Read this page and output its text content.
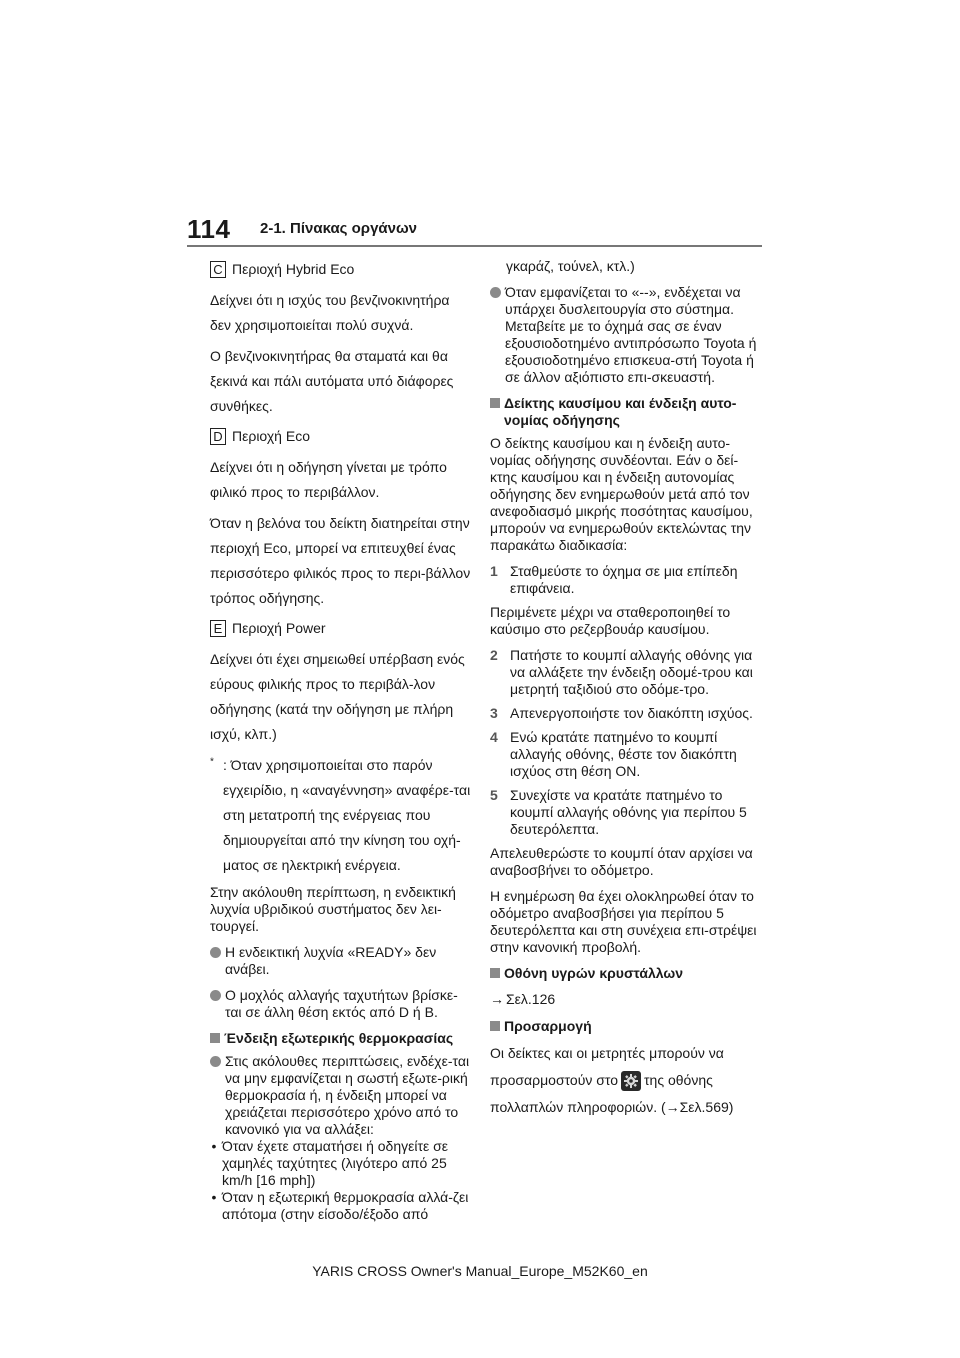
114 2-1. Πίνακας οργάνων
C Περιοχή Hybrid Eco

Δείχνει ότι η ισχύς του βενζινοκινητήρα δεν χρησιμοποιείται πολύ συχνά.

Ο βενζινοκινητήρας θα σταματά και θα ξεκινά και πάλι αυτόματα υπό διάφορες συνθήκες.

D Περιοχή Eco

Δείχνει ότι η οδήγηση γίνεται με τρόπο φιλικό προς το περιβάλλον.

Όταν η βελόνα του δείκτη διατηρείται στην περιοχή Eco, μπορεί να επιτευχθεί ένας περισσότερο φιλικός προς το περι-βάλλον τρόπος οδήγησης.

E Περιοχή Power

Δείχνει ότι έχει σημειωθεί υπέρβαση ενός εύρους φιλικής προς το περιβάλ-λον οδήγησης (κατά την οδήγηση με πλήρη ισχύ, κλπ.)

* : Όταν χρησιμοποιείται στο παρόν εγχειρίδιο, η «αναγέννηση» αναφέρε-ται στη μετατροπή της ενέργειας που δημιουργείται από την κίνηση του οχή-ματος σε ηλεκτρική ενέργεια.

Στην ακόλουθη περίπτωση, η ενδεικτική λυχνία υβριδικού συστήματος δεν λει-τουργεί.

Η ενδεικτική λυχνία «READY» δεν ανάβει.
Ο μοχλός αλλαγής ταχυτήτων βρίσκε-ται σε άλλη θέση εκτός από D ή B.
Ένδειξη εξωτερικής θερμοκρασίας
Στις ακόλουθες περιπτώσεις, ενδέχε-ται να μην εμφανίζεται η σωστή εξωτε-ρική θερμοκρασία ή, η ένδειξη μπορεί να χρειάζεται περισσότερο χρόνο από το κανονικό για να αλλάξει:
• Όταν έχετε σταματήσει ή οδηγείτε σε χαμηλές ταχύτητες (λιγότερο από 25 km/h [16 mph])
• Όταν η εξωτερική θερμοκρασία αλλά-ζει απότομα (στην είσοδο/έξοδο από

γκαράζ, τούνελ, κτλ.)

Όταν εμφανίζεται το «--», ενδέχεται να υπάρχει δυσλειτουργία στο σύστημα. Μεταβείτε με το όχημά σας σε έναν εξουσιοδοτημένο αντιπρόσωπο Toyota ή εξουσιοδοτημένο επισκευα-στή Toyota ή σε άλλον αξιόπιστο επι-σκευαστή.
Δείκτης καυσίμου και ένδειξη αυτο-νομίας οδήγησης

Ο δείκτης καυσίμου και η ένδειξη αυτο-νομίας οδήγησης συνδέονται. Εάν ο δεί-κτης καυσίμου και η ένδειξη αυτονομίας οδήγησης δεν ενημερωθούν μετά από τον ανεφοδιασμό μικρής ποσότητας καυσίμου, μπορούν να ενημερωθούν εκτελώντας την παρακάτω διαδικασία:

1 Σταθμεύστε το όχημα σε μια επίπεδη επιφάνεια.

Περιμένετε μέχρι να σταθεροποιηθεί το καύσιμο στο ρεζερβουάρ καυσίμου.

2 Πατήστε το κουμπί αλλαγής οθόνης για να αλλάξετε την ένδειξη οδομέ-τρου και μετρητή ταξιδιού στο οδόμε-τρο.
3 Απενεργοποιήστε τον διακόπτη ισχύος.
4 Ενώ κρατάτε πατημένο το κουμπί αλλαγής οθόνης, θέστε τον διακόπτη ισχύος στη θέση ON.
5 Συνεχίστε να κρατάτε πατημένο το κουμπί αλλαγής οθόνης για περίπου 5 δευτερόλεπτα.

Απελευθερώστε το κουμπί όταν αρχίσει να αναβοσβήνει το οδόμετρο.

Η ενημέρωση θα έχει ολοκληρωθεί όταν το οδόμετρο αναβοσβήσει για περίπου 5 δευτερόλεπτα και στη συνέχεια επι-στρέψει στην κανονική προβολή.

Οθόνη υγρών κρυστάλλων
→ Σελ.126
Προσαρμογή

Οι δείκτες και οι μετρητές μπορούν να

προσαρμοστούν στο της οθόνης

πολλαπλών πληροφοριών. (→Σελ.569)

YARIS CROSS Owner's Manual_Europe_M52K60_en
